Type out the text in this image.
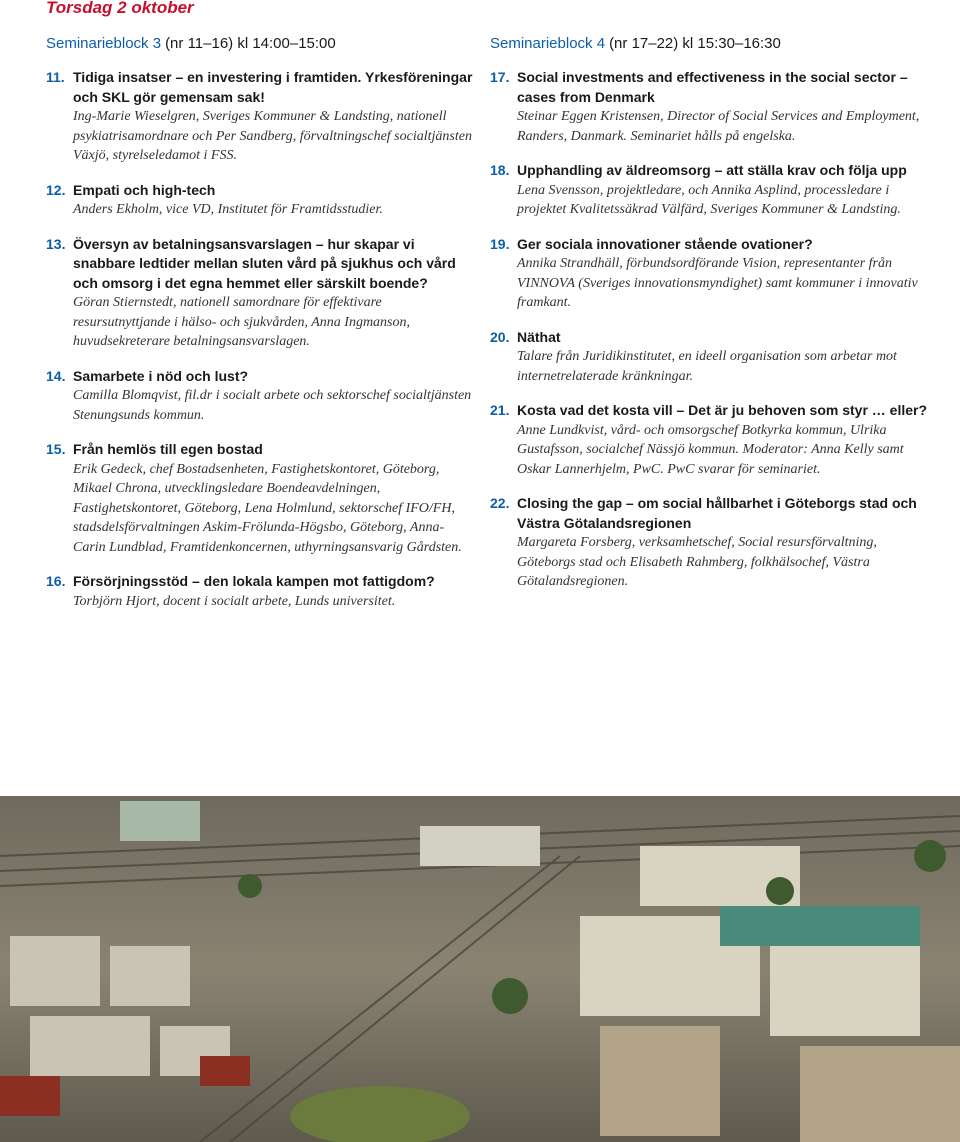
Torsdag 2 oktober
Seminarieblock 3 (nr 11–16) kl 14:00–15:00
11. Tidiga insatser – en investering i framtiden. Yrkesföreningar och SKL gör gemensam sak!
Ing-Marie Wieselgren, Sveriges Kommuner & Landsting, nationell psykiatrisamordnare och Per Sandberg, förvaltningschef socialtjänsten Växjö, styrelseledamot i FSS.
12. Empati och high-tech
Anders Ekholm, vice VD, Institutet för Framtidsstudier.
13. Översyn av betalningsansvarslagen – hur skapar vi snabbare ledtider mellan sluten vård på sjukhus och vård och omsorg i det egna hemmet eller särskilt boende?
Göran Stiernstedt, nationell samordnare för effektivare resursutnyttjande i hälso- och sjukvården, Anna Ingmanson, huvudsekreterare betalningsansvarslagen.
14. Samarbete i nöd och lust?
Camilla Blomqvist, fil.dr i socialt arbete och sektorschef socialtjänsten Stenungsunds kommun.
15. Från hemlös till egen bostad
Erik Gedeck, chef Bostadsenheten, Fastighetskontoret, Göteborg, Mikael Chrona, utvecklingsledare Boendeavdelningen, Fastighetskontoret, Göteborg, Lena Holmlund, sektorschef IFO/FH, stadsdelsförvaltningen Askim-Frölunda-Högsbo, Göteborg, Anna-Carin Lundblad, Framtidenkoncernen, uthyrningsansvarig Gårdsten.
16. Försörjningsstöd – den lokala kampen mot fattigdom?
Torbjörn Hjort, docent i socialt arbete, Lunds universitet.
Seminarieblock 4 (nr 17–22) kl 15:30–16:30
17. Social investments and effectiveness in the social sector – cases from Denmark
Steinar Eggen Kristensen, Director of Social Services and Employment, Randers, Danmark. Seminariet hålls på engelska.
18. Upphandling av äldreomsorg – att ställa krav och följa upp
Lena Svensson, projektledare, och Annika Asplind, processledare i projektet Kvalitetssäkrad Välfärd, Sveriges Kommuner & Landsting.
19. Ger sociala innovationer stående ovationer?
Annika Strandhäll, förbundsordförande Vision, representanter från VINNOVA (Sveriges innovationsmyndighet) samt kommuner i innovativ framkant.
20. Näthat
Talare från Juridikinstitutet, en ideell organisation som arbetar mot internetrelaterade kränkningar.
21. Kosta vad det kosta vill – Det är ju behoven som styr … eller?
Anne Lundkvist, vård- och omsorgschef Botkyrka kommun, Ulrika Gustafsson, socialchef Nässjö kommun. Moderator: Anna Kelly samt Oskar Lannerhjelm, PwC. PwC svarar för seminariet.
22. Closing the gap – om social hållbarhet i Göteborgs stad och Västra Götalandsregionen
Margareta Forsberg, verksamhetschef, Social resursförvaltning, Göteborgs stad och Elisabeth Rahmberg, folkhälsochef, Västra Götalandsregionen.
